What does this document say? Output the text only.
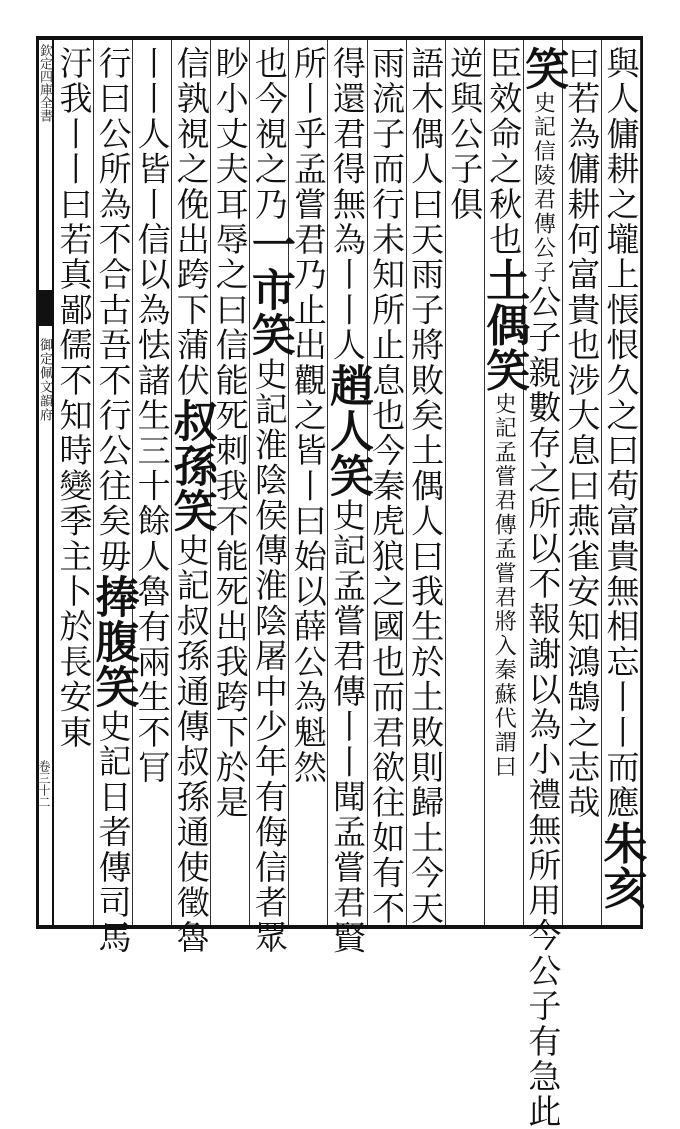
欽定四庫全書
御定佩文韻府
卷三十二	與人傭耕之壠上悵恨久之曰苟富貴無相忘丨丨而應朱亥
曰若為傭耕何富貴也涉大息曰燕雀安知鴻鵠之志哉
笑史記信陵君傳公子公子親數存之所以不報謝以為小禮無所用今公子有急此
臣效命之秋也土偶笑史記孟嘗君傳孟嘗君將入秦蘇代謂曰
逆與公子俱
語木偶人曰天雨子將敗矣土偶人曰我生於土敗則歸土今天
雨流子而行未知所止息也今秦虎狼之國也而君欲往如有不
得還君得無為丨丨人趙人笑史記孟嘗君傳丨丨聞孟嘗君賢
所丨乎孟嘗君乃止出觀之皆丨曰始以薛公為魁然
也今視之乃一市笑史記淮陰侯傳淮陰屠中少年有侮信者眾
眇小丈夫耳辱之曰信能死刺我不能死出我跨下於是
信孰視之俛出跨下蒲伏叔孫笑史記叔孫通傳叔孫通使徵魯
丨丨人皆丨信以為怯諸生三十餘人魯有兩生不肎
行曰公所為不合古吾不行公往矣毋捧腹笑史記日者傳司馬
汙我丨丨曰若真鄙儒不知時變季主卜於長安東
